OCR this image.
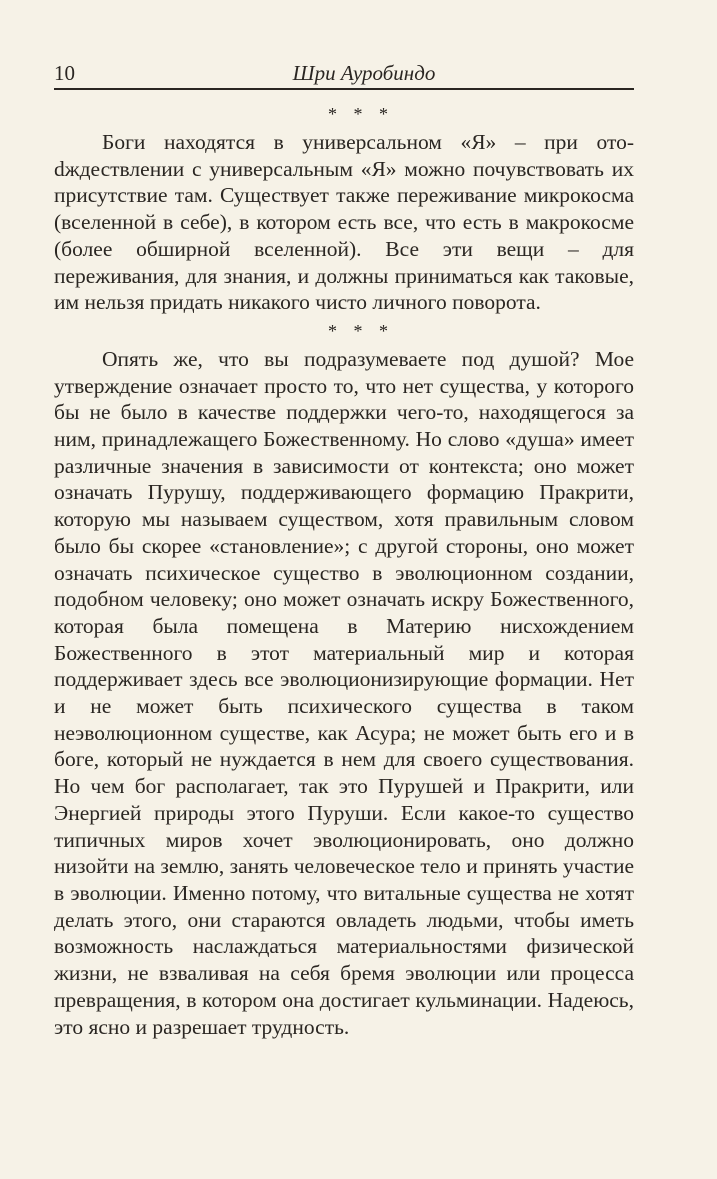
10	Шри Ауробиндо
* * *

Боги находятся в универсальном «Я» – при отоdждествлении с универсальным «Я» можно почувствовать их присутствие там. Существует также переживание микрокосма (вселенной в себе), в котором есть все, что есть в макрокосме (более обширной вселенной). Все эти вещи – для переживания, для знания, и должны приниматься как таковые, им нельзя придать никакого чисто личного поворота.

* * *

Опять же, что вы подразумеваете под душой? Мое утверждение означает просто то, что нет существа, у которого бы не было в качестве поддержки чего-то, находящегося за ним, принадлежащего Божественному. Но слово «душа» имеет различные значения в зависимости от контекста; оно может означать Пурушу, поддерживающего формацию Пракрити, которую мы называем существом, хотя правильным словом было бы скорее «становление»; с другой стороны, оно может означать психическое существо в эволюционном создании, подобном человеку; оно может означать искру Божественного, которая была помещена в Материю нисхождением Божественного в этот материальный мир и которая поддерживает здесь все эволюционизирующие формации. Нет и не может быть психического существа в таком неэволюционном существе, как Асура; не может быть его и в боге, который не нуждается в нем для своего существования. Но чем бог располагает, так это Пурушей и Пракрити, или Энергией природы этого Пуруши. Если какое-то существо типичных миров хочет эволюционировать, оно должно низойти на землю, занять человеческое тело и принять участие в эволюции. Именно потому, что витальные существа не хотят делать этого, они стараются овладеть людьми, чтобы иметь возможность наслаждаться материальностями физической жизни, не взваливая на себя бремя эволюции или процесса превращения, в котором она достигает кульминации. Надеюсь, это ясно и разрешает трудность.
